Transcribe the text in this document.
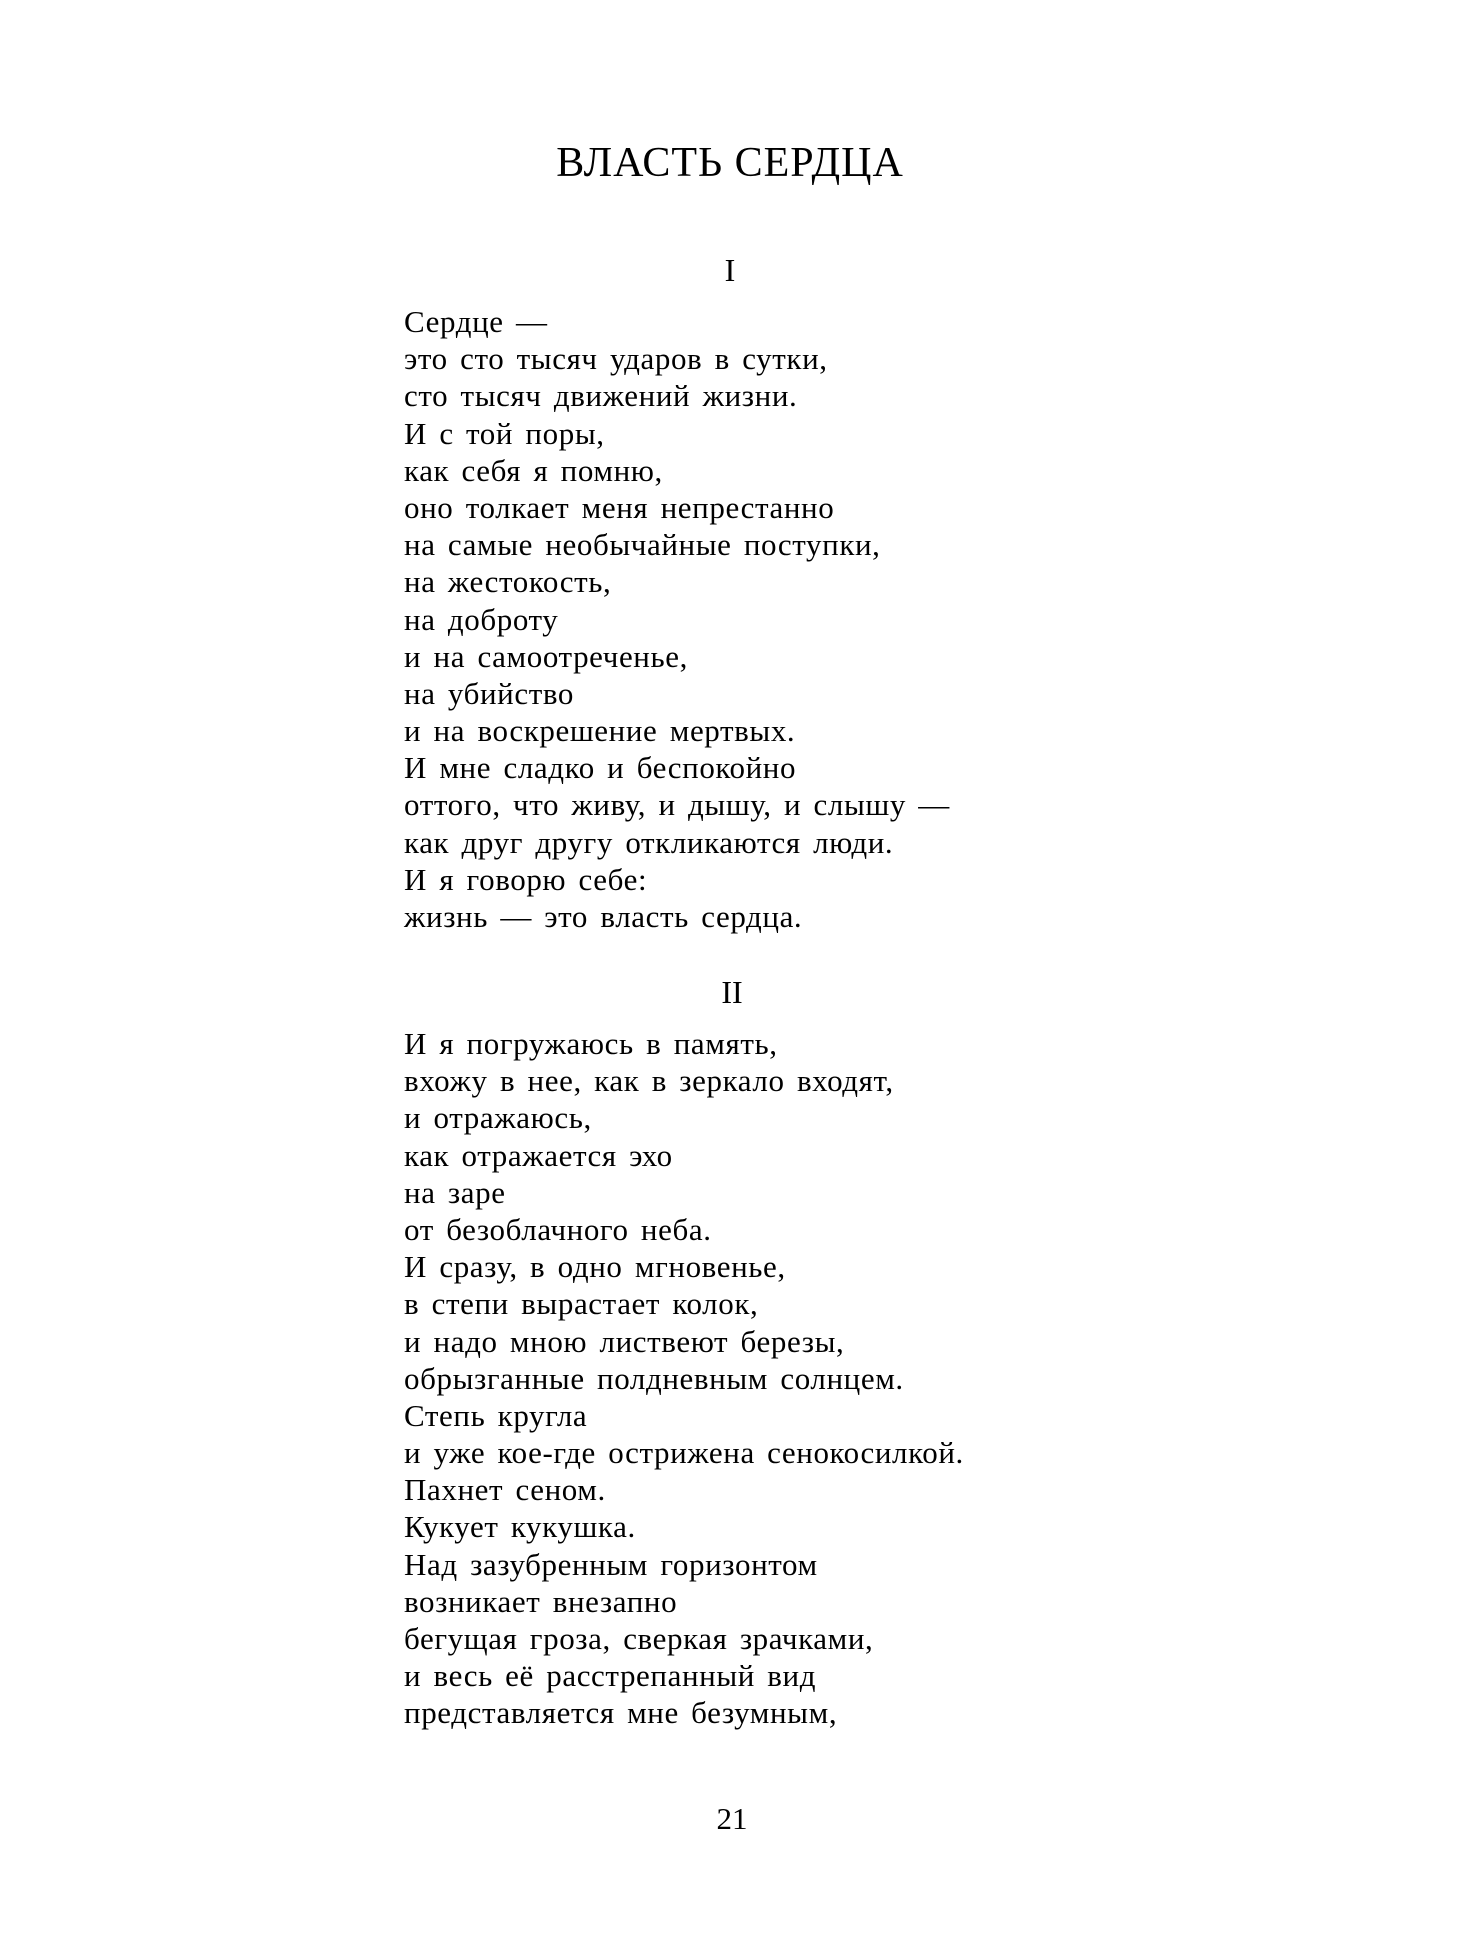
ВЛАСТЬ СЕРДЦА
I
Сердце —
это сто тысяч ударов в сутки,
сто тысяч движений жизни.
И с той поры,
как себя я помню,
оно толкает меня непрестанно
на самые необычайные поступки,
на жестокость,
на доброту
и на самоотреченье,
на убийство
и на воскрешение мертвых.
И мне сладко и беспокойно
оттого, что живу, и дышу, и слышу —
как друг другу откликаются люди.
И я говорю себе:
жизнь — это власть сердца.
II
И я погружаюсь в память,
вхожу в нее, как в зеркало входят,
и отражаюсь,
как отражается эхо
на заре
от безоблачного неба.
И сразу, в одно мгновенье,
в степи вырастает колок,
и надо мною листвеют березы,
обрызганные полдневным солнцем.
Степь кругла
и уже кое-где острижена сенокосилкой.
Пахнет сеном.
Кукует кукушка.
Над зазубренным горизонтом
возникает внезапно
бегущая гроза, сверкая зрачками,
и весь её расстрепанный вид
представляется мне безумным,
21
